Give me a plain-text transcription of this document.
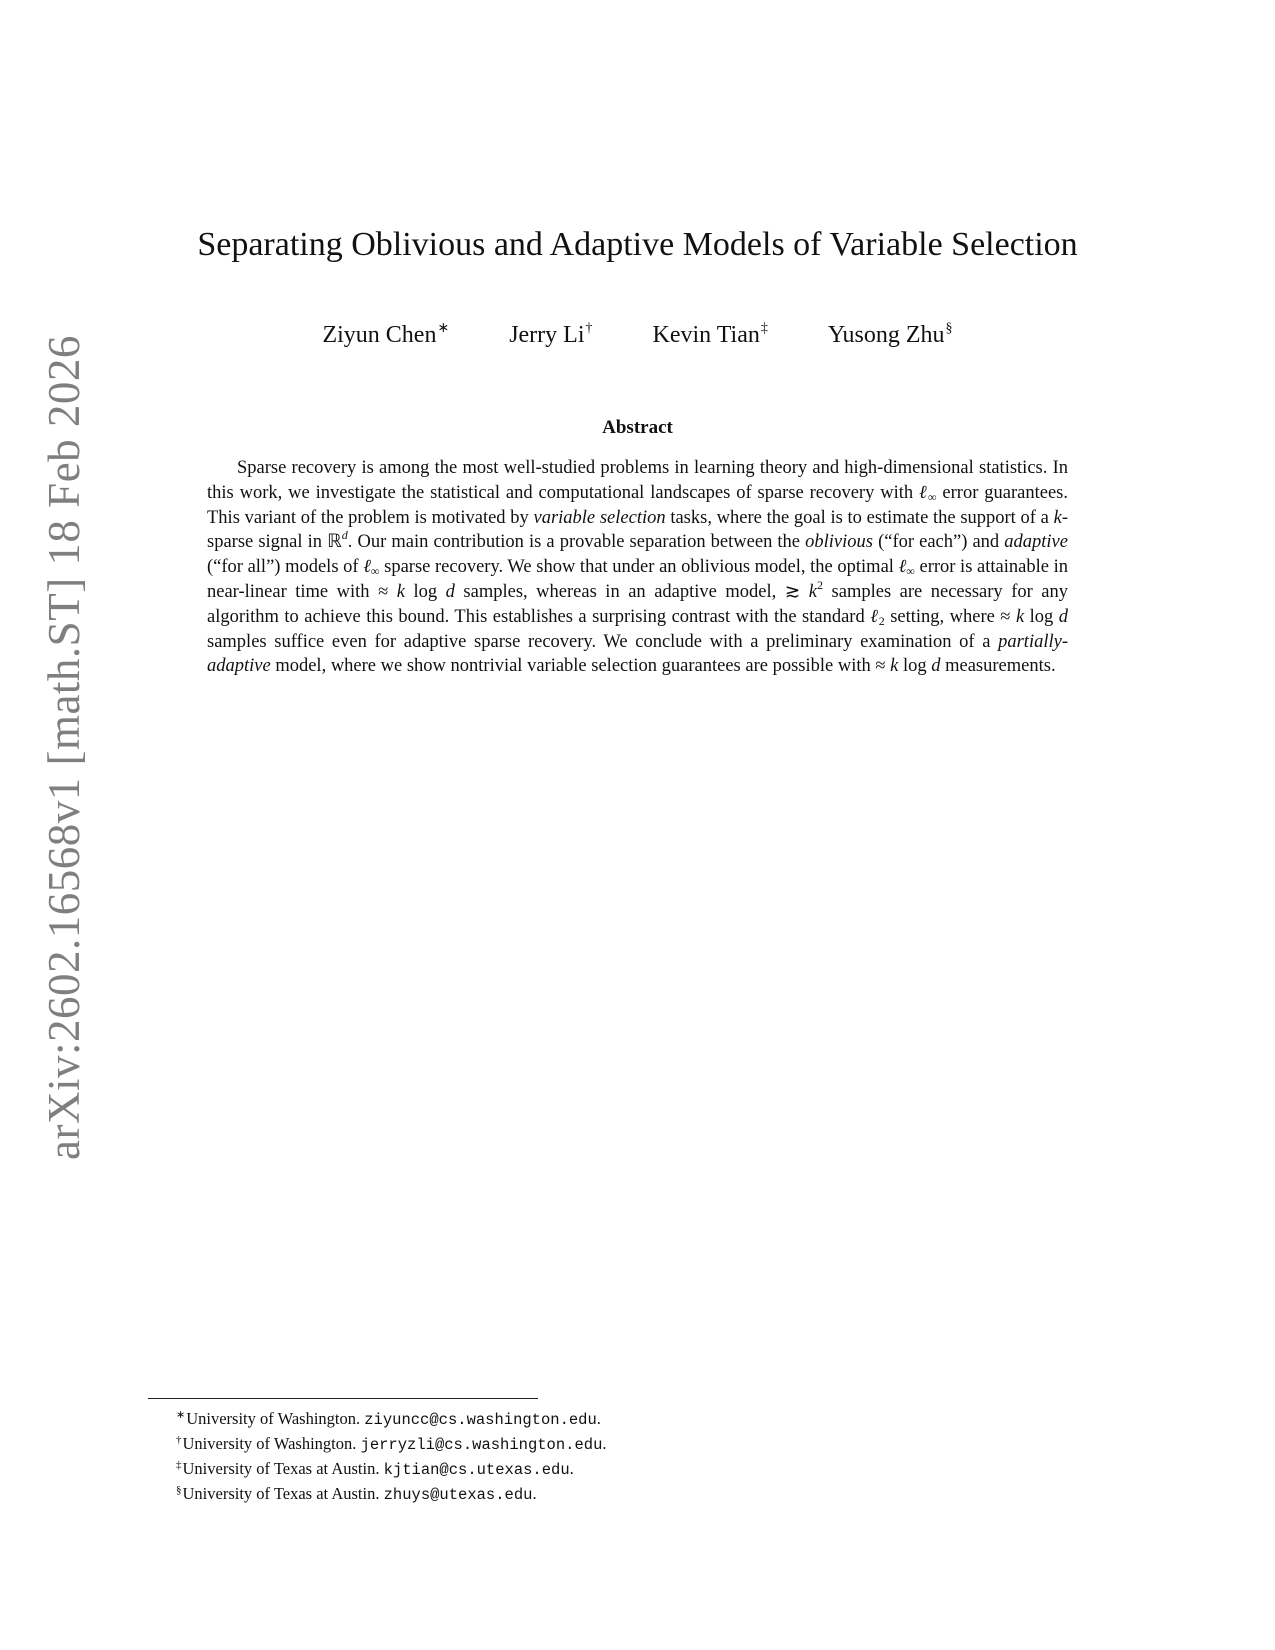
arXiv:2602.16568v1 [math.ST] 18 Feb 2026
Separating Oblivious and Adaptive Models of Variable Selection
Ziyun Chen∗	Jerry Li†	Kevin Tian‡	Yusong Zhu§
Abstract

Sparse recovery is among the most well-studied problems in learning theory and high-dimensional statistics. In this work, we investigate the statistical and computational landscapes of sparse recovery with ℓ$_\infty$ error guarantees. This variant of the problem is motivated by variable selection tasks, where the goal is to estimate the support of a k-sparse signal in ℝ$^d$. Our main contribution is a provable separation between the oblivious (“for each”) and adaptive (“for all”) models of ℓ$_\infty$ sparse recovery. We show that under an oblivious model, the optimal ℓ$_\infty$ error is attainable in near-linear time with ≈ k log d samples, whereas in an adaptive model, ≳ $k^2$ samples are necessary for any algorithm to achieve this bound. This establishes a surprising contrast with the standard ℓ$_2$ setting, where ≈ k log d samples suffice even for adaptive sparse recovery. We conclude with a preliminary examination of a partially-adaptive model, where we show nontrivial variable selection guarantees are possible with ≈ k log d measurements.

∗University of Washington. ziyuncc@cs.washington.edu.
†University of Washington. jerryzli@cs.washington.edu.
‡University of Texas at Austin. kjtian@cs.utexas.edu.
§University of Texas at Austin. zhuys@utexas.edu.
